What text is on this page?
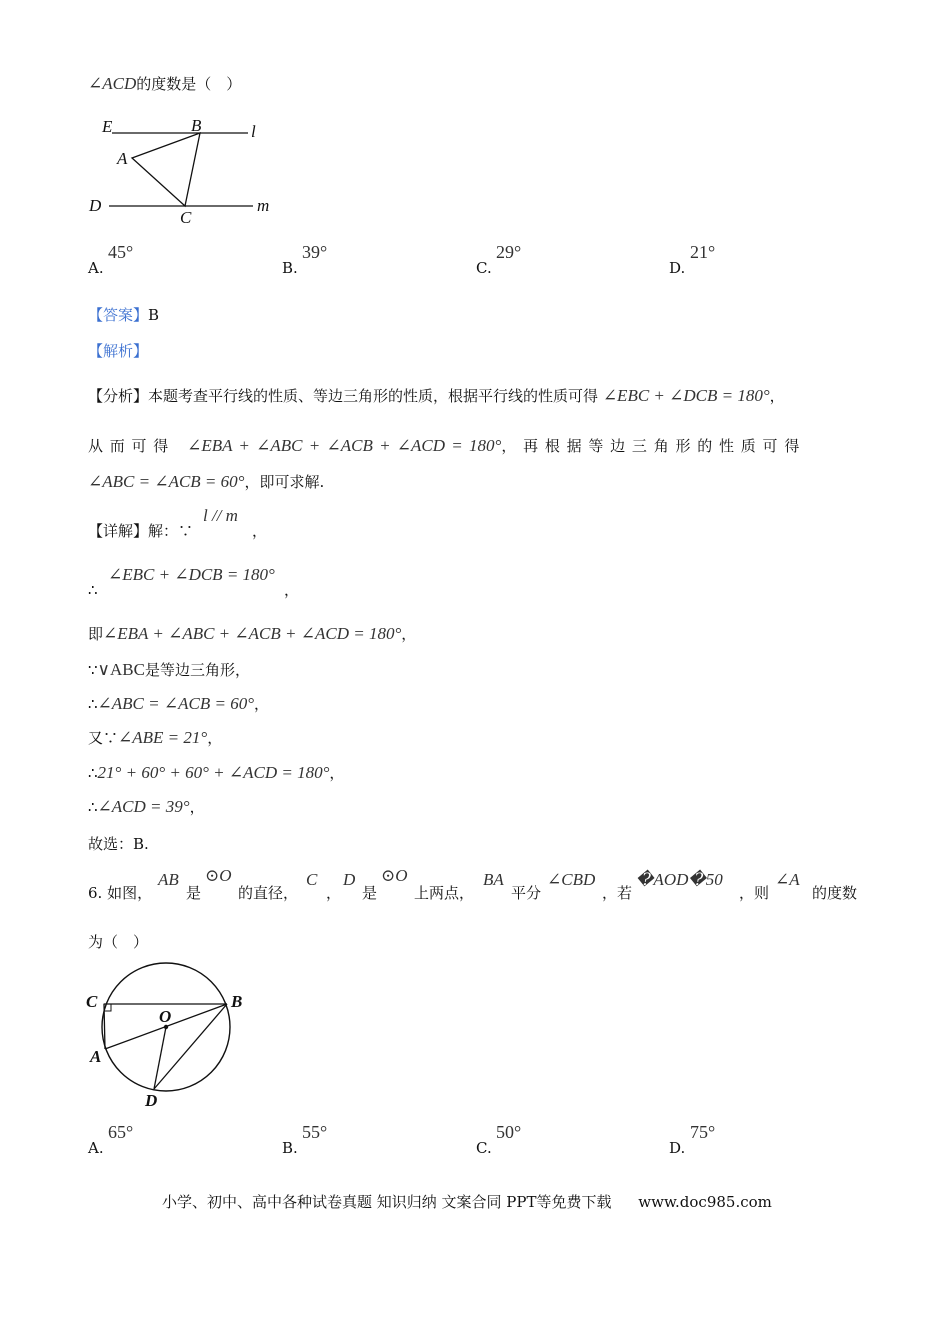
∠ACD的度数是（　）
E	B	l
A
D
C
m
A.
45°
B.
39°
C.
29°
D.
21°
【答案】B
【解析】
【分析】本题考查平行线的性质、等边三角形的性质，根据平行线的性质可得 ∠EBC + ∠DCB = 180°，
从 而 可 得 ∠EBA + ∠ABC + ∠ACB + ∠ACD = 180°， 再 根 据 等 边 三 角 形 的 性 质 可 得
∠ABC = ∠ACB = 60°，即可求解.
【详解】解：∵
l // m
，
∴
∠EBC + ∠DCB = 180°
，
即∠EBA + ∠ABC + ∠ACB + ∠ACD = 180°，
∵∨ABC是等边三角形，
∴∠ABC = ∠ACB = 60°，
又∵∠ABE = 21°，
∴21° + 60° + 60° + ∠ACD = 180°，
∴∠ACD = 39°，
故选：B.
6. 如图，
AB
是
⊙O
的直径，
C
，
D
是
⊙O
上两点，
BA
平分
∠CBD
，若
�AOD�50
，则
∠A
的度数
为（　）
C	B
O
A
D
A.
65°
B.
55°
C.
50°
D.
75°
小学、初中、高中各种试卷真题 知识归纳 文案合同 PPT等免费下载 www.doc985.com
